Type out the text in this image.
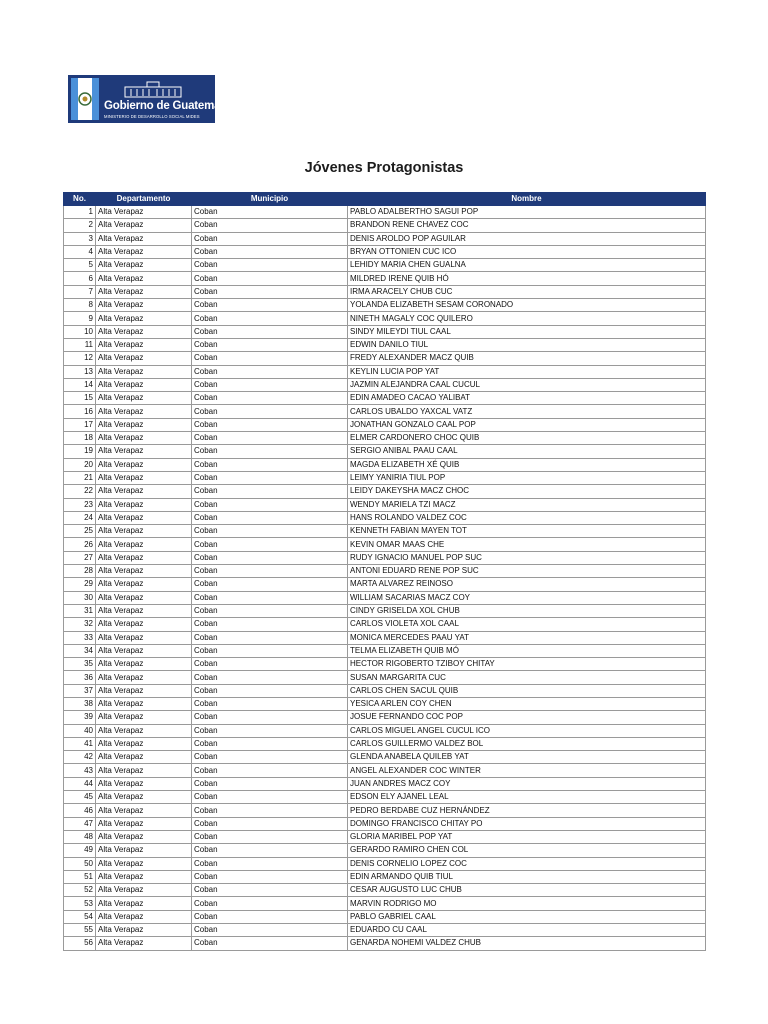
Gobierno de Guatemala
MINISTERIO DE DESARROLLO SOCIAL MIDES
Jóvenes Protagonistas
No.	Departamento	Municipio	Nombre
1	Alta Verapaz	Coban	PABLO ADALBERTHO SAGUI POP
2	Alta Verapaz	Coban	BRANDON RENE CHAVEZ COC
3	Alta Verapaz	Coban	DENIS AROLDO POP AGUILAR
4	Alta Verapaz	Coban	BRYAN OTTONIEN CUC ICO
5	Alta Verapaz	Coban	LEHIDY MARIA CHEN GUALNA
6	Alta Verapaz	Coban	MILDRED IRENE QUIB HÓ
7	Alta Verapaz	Coban	IRMA ARACELY CHUB CUC
8	Alta Verapaz	Coban	YOLANDA ELIZABETH SESAM CORONADO
9	Alta Verapaz	Coban	NINETH MAGALY COC QUILERO
10	Alta Verapaz	Coban	SINDY MILEYDI TIUL CAAL
11	Alta Verapaz	Coban	EDWIN DANILO TIUL
12	Alta Verapaz	Coban	FREDY ALEXANDER MACZ QUIB
13	Alta Verapaz	Coban	KEYLIN LUCIA POP YAT
14	Alta Verapaz	Coban	JAZMIN ALEJANDRA CAAL CUCUL
15	Alta Verapaz	Coban	EDIN AMADEO CACAO YALIBAT
16	Alta Verapaz	Coban	CARLOS UBALDO YAXCAL VATZ
17	Alta Verapaz	Coban	JONATHAN GONZALO CAAL POP
18	Alta Verapaz	Coban	ELMER CARDONERO CHOC QUIB
19	Alta Verapaz	Coban	SERGIO ANIBAL PAAU CAAL
20	Alta Verapaz	Coban	MAGDA ELIZABETH XÉ QUIB
21	Alta Verapaz	Coban	LEIMY YANIRIA TIUL POP
22	Alta Verapaz	Coban	LEIDY DAKEYSHA MACZ CHOC
23	Alta Verapaz	Coban	WENDY MARIELA TZI MACZ
24	Alta Verapaz	Coban	HANS ROLANDO VALDEZ COC
25	Alta Verapaz	Coban	KENNETH FABIAN MAYEN TOT
26	Alta Verapaz	Coban	KEVIN OMAR MAAS CHE
27	Alta Verapaz	Coban	RUDY IGNACIO MANUEL POP SUC
28	Alta Verapaz	Coban	ANTONI EDUARD RENE POP SUC
29	Alta Verapaz	Coban	MARTA ALVAREZ REINOSO
30	Alta Verapaz	Coban	WILLIAM SACARIAS MACZ COY
31	Alta Verapaz	Coban	CINDY GRISELDA XOL CHUB
32	Alta Verapaz	Coban	CARLOS VIOLETA XOL CAAL
33	Alta Verapaz	Coban	MONICA MERCEDES PAAU YAT
34	Alta Verapaz	Coban	TELMA ELIZABETH QUIB MÓ
35	Alta Verapaz	Coban	HECTOR RIGOBERTO TZIBOY CHITAY
36	Alta Verapaz	Coban	SUSAN MARGARITA CUC
37	Alta Verapaz	Coban	CARLOS CHEN SACUL QUIB
38	Alta Verapaz	Coban	YESICA ARLEN COY CHEN
39	Alta Verapaz	Coban	JOSUE FERNANDO COC POP
40	Alta Verapaz	Coban	CARLOS MIGUEL ANGEL CUCUL ICO
41	Alta Verapaz	Coban	CARLOS GUILLERMO VALDEZ BOL
42	Alta Verapaz	Coban	GLENDA ANABELA QUILEB YAT
43	Alta Verapaz	Coban	ANGEL ALEXANDER COC WINTER
44	Alta Verapaz	Coban	JUAN ANDRES MACZ COY
45	Alta Verapaz	Coban	EDSON ELY AJANEL LEAL
46	Alta Verapaz	Coban	PEDRO BERDABE CUZ HERNÁNDEZ
47	Alta Verapaz	Coban	DOMINGO FRANCISCO CHITAY PO
48	Alta Verapaz	Coban	GLORIA MARIBEL POP YAT
49	Alta Verapaz	Coban	GERARDO RAMIRO CHEN COL
50	Alta Verapaz	Coban	DENIS CORNELIO LOPEZ COC
51	Alta Verapaz	Coban	EDIN ARMANDO QUIB TIUL
52	Alta Verapaz	Coban	CESAR AUGUSTO LUC CHUB
53	Alta Verapaz	Coban	MARVIN RODRIGO MO
54	Alta Verapaz	Coban	PABLO GABRIEL CAAL
55	Alta Verapaz	Coban	EDUARDO CU CAAL
56	Alta Verapaz	Coban	GENARDA NOHEMI VALDEZ CHUB
